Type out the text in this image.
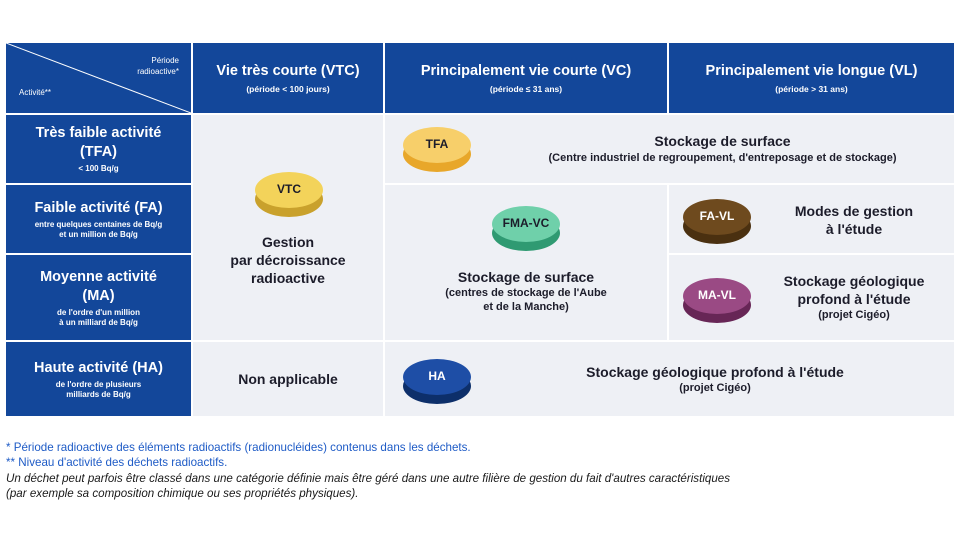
Période
radioactive*
Activité**
Vie très courte (VTC)
(période < 100 jours)
Principalement vie courte (VC)
(période ≤ 31 ans)
Principalement vie longue (VL)
(période > 31 ans)
Très faible activité
(TFA)
< 100 Bq/g
Faible activité (FA)
entre quelques centaines de Bq/g
et un million de Bq/g
Moyenne activité
(MA)
de l'ordre d'un million
à un milliard de Bq/g
Haute activité (HA)
de l'ordre de plusieurs
milliards de Bq/g
Gestion
par décroissance
radioactive
Stockage de surface
(Centre industriel de regroupement, d'entreposage et de stockage)
Stockage de surface
(centres de stockage de l'Aube
et de la Manche)
Modes de gestion
à l'étude
Stockage géologique
profond à l'étude
(projet Cigéo)
Non applicable	Stockage géologique profond à l'étude
(projet Cigéo)
VTC
TFA
FMA-VC	FA-VL
MA-VL
HA
* Période radioactive des éléments radioactifs (radionucléides) contenus dans les déchets.
** Niveau d'activité des déchets radioactifs.
Un déchet peut parfois être classé dans une catégorie définie mais être géré dans une autre filière de gestion du fait d'autres caractéristiques
(par exemple sa composition chimique ou ses propriétés physiques).
